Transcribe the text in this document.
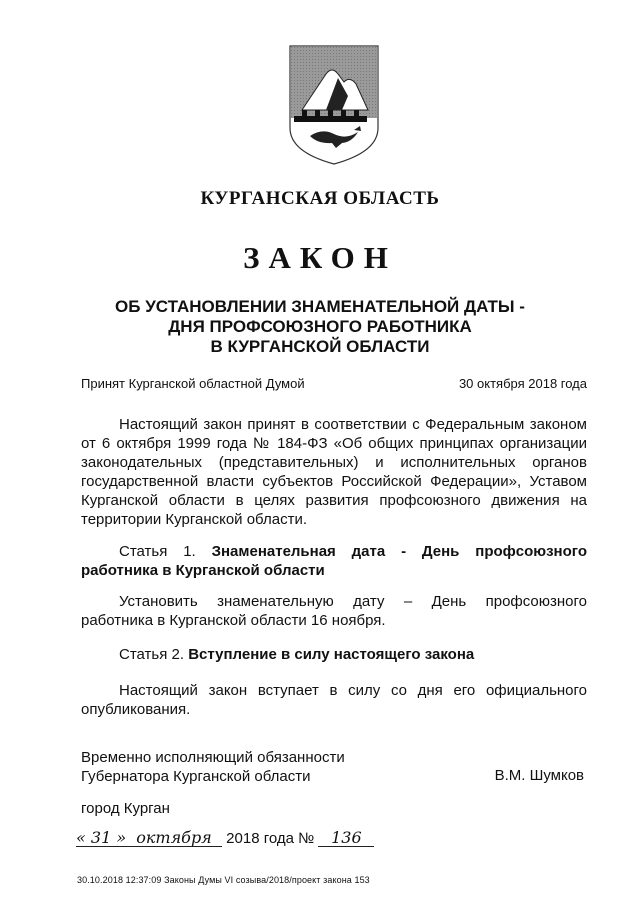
КУРГАНСКАЯ ОБЛАСТЬ
ЗАКОН
ОБ УСТАНОВЛЕНИИ ЗНАМЕНАТЕЛЬНОЙ ДАТЫ -
ДНЯ ПРОФСОЮЗНОГО РАБОТНИКА
В КУРГАНСКОЙ ОБЛАСТИ
Принят Курганской областной Думой	30 октября 2018 года
Настоящий закон принят в соответствии с Федеральным законом от 6 октября 1999 года № 184-ФЗ «Об общих принципах организации законодательных (представительных) и исполнительных органов государственной власти субъектов Российской Федерации», Уставом Курганской области в целях развития профсоюзного движения на территории Курганской области.
Статья 1. Знаменательная дата - День профсоюзного работника в Курганской области
Установить знаменательную дату – День профсоюзного работника в Курганской области 16 ноября.
Статья 2. Вступление в силу настоящего закона
Настоящий закон вступает в силу со дня его официального опубликования.
Временно исполняющий обязанности
Губернатора Курганской области	В.М. Шумков
город Курган
« 31 » октября 2018 года № 136
30.10.2018 12:37:09 Законы Думы VI созыва/2018/проект закона 153
